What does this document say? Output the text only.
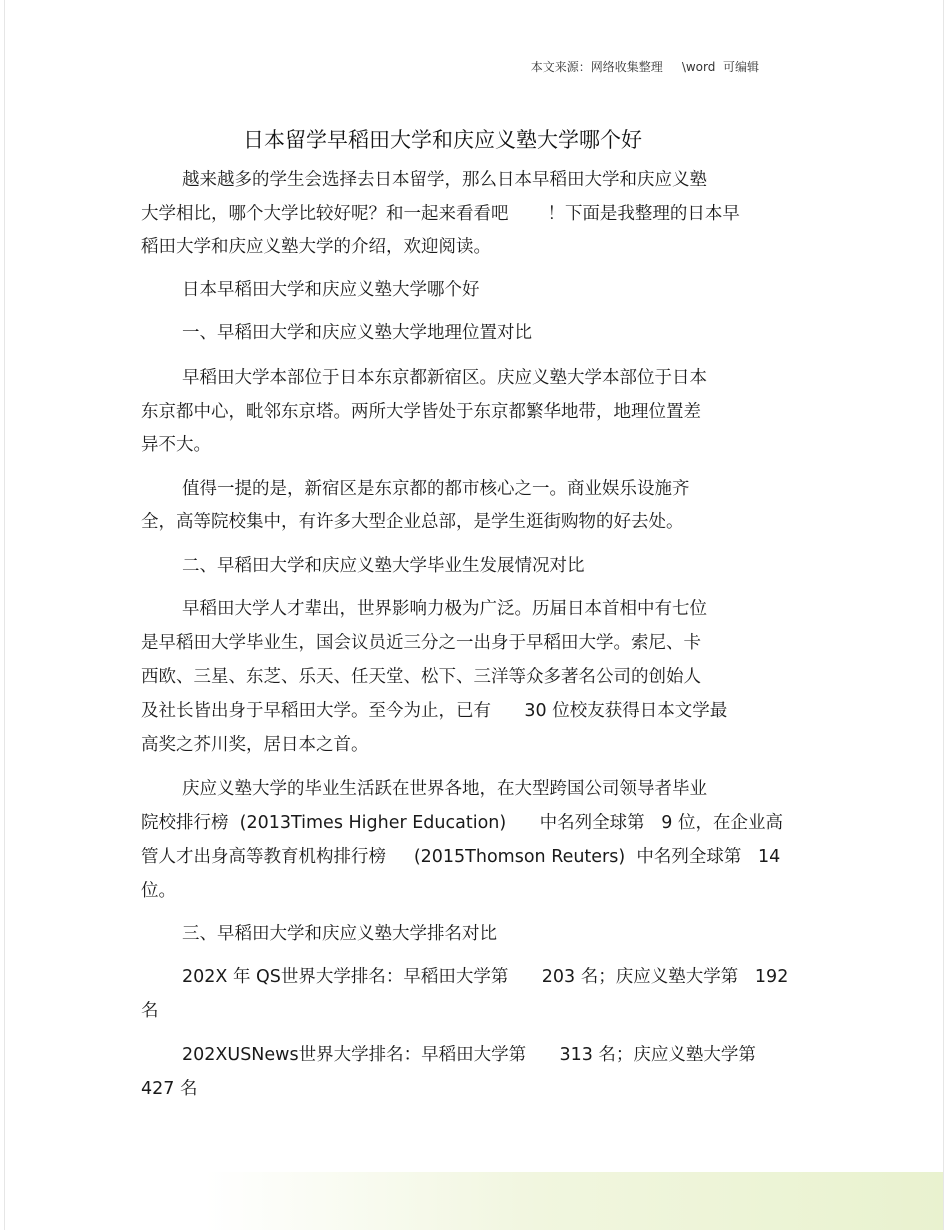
本文来源：网络收集整理     \word  可编辑
日本留学早稻田大学和庆应义塾大学哪个好
越来越多的学生会选择去日本留学，那么日本早稻田大学和庆应义塾
大学相比，哪个大学比较好呢？和一起来看看吧       ！下面是我整理的日本早
稻田大学和庆应义塾大学的介绍，欢迎阅读。
日本早稻田大学和庆应义塾大学哪个好
一、早稻田大学和庆应义塾大学地理位置对比
早稻田大学本部位于日本东京都新宿区。庆应义塾大学本部位于日本
东京都中心，毗邻东京塔。两所大学皆处于东京都繁华地带，地理位置差
异不大。
值得一提的是，新宿区是东京都的都市核心之一。商业娱乐设施齐
全，高等院校集中，有许多大型企业总部，是学生逛街购物的好去处。
二、早稻田大学和庆应义塾大学毕业生发展情况对比
早稻田大学人才辈出，世界影响力极为广泛。历届日本首相中有七位
是早稻田大学毕业生，国会议员近三分之一出身于早稻田大学。索尼、卡
西欧、三星、东芝、乐天、任天堂、松下、三洋等众多著名公司的创始人
及社长皆出身于早稻田大学。至今为止，已有      30 位校友获得日本文学最
高奖之芥川奖，居日本之首。
庆应义塾大学的毕业生活跃在世界各地，在大型跨国公司领导者毕业
院校排行榜  (2013Times Higher Education)      中名列全球第   9 位，在企业高
管人才出身高等教育机构排行榜     (2015Thomson Reuters)  中名列全球第   14
位。
三、早稻田大学和庆应义塾大学排名对比
202X 年 QS世界大学排名：早稻田大学第      203 名；庆应义塾大学第   192
名
202XUSNews世界大学排名：早稻田大学第      313 名；庆应义塾大学第
427 名
